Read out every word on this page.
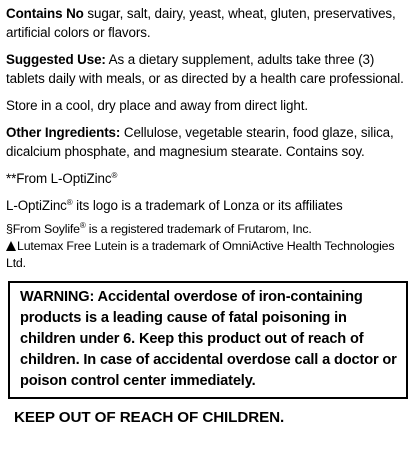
Contains No sugar, salt, dairy, yeast, wheat, gluten, preservatives, artificial colors or flavors.

Suggested Use: As a dietary supplement, adults take three (3) tablets daily with meals, or as directed by a health care professional.

Store in a cool, dry place and away from direct light.

Other Ingredients: Cellulose, vegetable stearin, food glaze, silica, dicalcium phosphate, and magnesium stearate. Contains soy.

**From L-OptiZinc®

L-OptiZinc® its logo is a trademark of Lonza or its affiliates

§From Soylife® is a registered trademark of Frutarom, Inc.

Lutemax Free Lutein is a trademark of OmniActive Health Technologies Ltd.

WARNING: Accidental overdose of iron-containing products is a leading cause of fatal poisoning in children under 6. Keep this product out of reach of children. In case of accidental overdose call a doctor or poison control center immediately.

KEEP OUT OF REACH OF CHILDREN.
